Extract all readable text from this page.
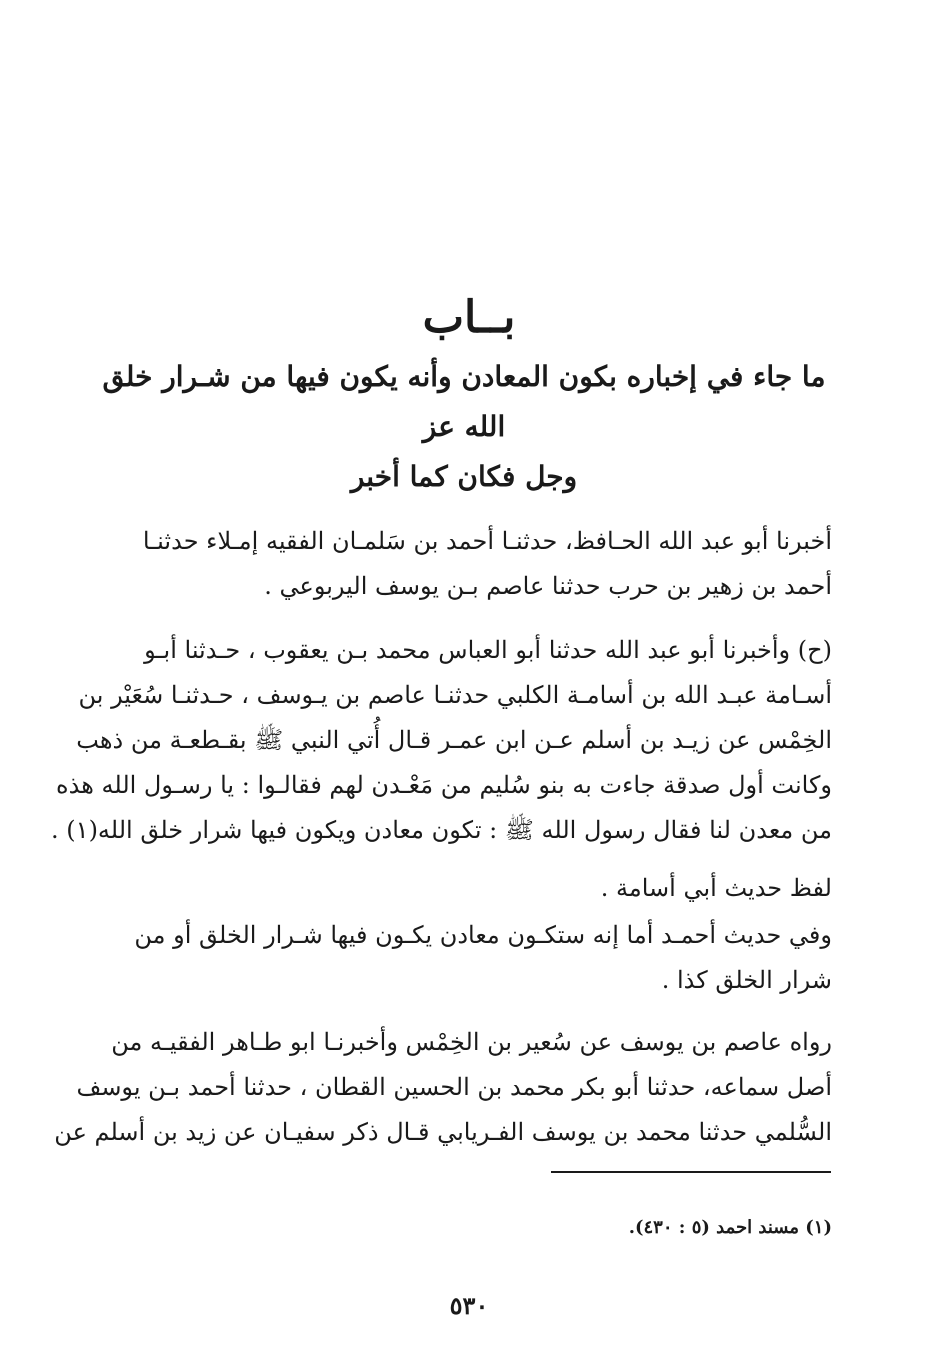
بــاب
ما جاء في إخباره بكون المعادن وأنه يكون فيها من شـرار خلق الله عز
وجل فكان كما أخبر
أخبرنا أبو عبد الله الحـافظ، حدثنـا أحمد بن سَلمـان الفقيه إمـلاء حدثنـا
أحمد بن زهير بن حرب حدثنا عاصم بـن يوسف اليربوعي .
(ح) وأخبرنا أبو عبد الله حدثنا أبو العباس محمد بـن يعقوب ، حـدثنا أبـو
أسـامة عبـد الله بن أسامـة الكلبي حدثنـا عاصم بن يـوسف ، حـدثنـا سُعَيْر بن
الخِمْس عن زيـد بن أسلم عـن ابن عمـر قـال أُتي النبي ﷺ بقـطعـة من ذهب
وكانت أول صدقة جاءت به بنو سُليم من مَعْـدن لهم فقالـوا : يا رسـول الله هذه
من معدن لنا فقال رسول الله ﷺ : تكون معادن ويكون فيها شرار خلق الله(١) .
لفظ حديث أبي أسامة .
وفي حديث أحمـد أما إنه ستكـون معادن يكـون فيها شـرار الخلق أو من
شرار الخلق كذا .
رواه عاصم بن يوسف عن سُعير بن الخِمْس وأخبرنـا ابو طـاهر الفقيـه من
أصل سماعه، حدثنا أبو بكر محمد بن الحسين القطان ، حدثنا أحمد بـن يوسف
السُّلمي حدثنا محمد بن يوسف الفـريابي قـال ذكر سفيـان عن زيد بن أسلم عن
(١) مسند احمد (٥ : ٤٣٠).
٥٣٠
